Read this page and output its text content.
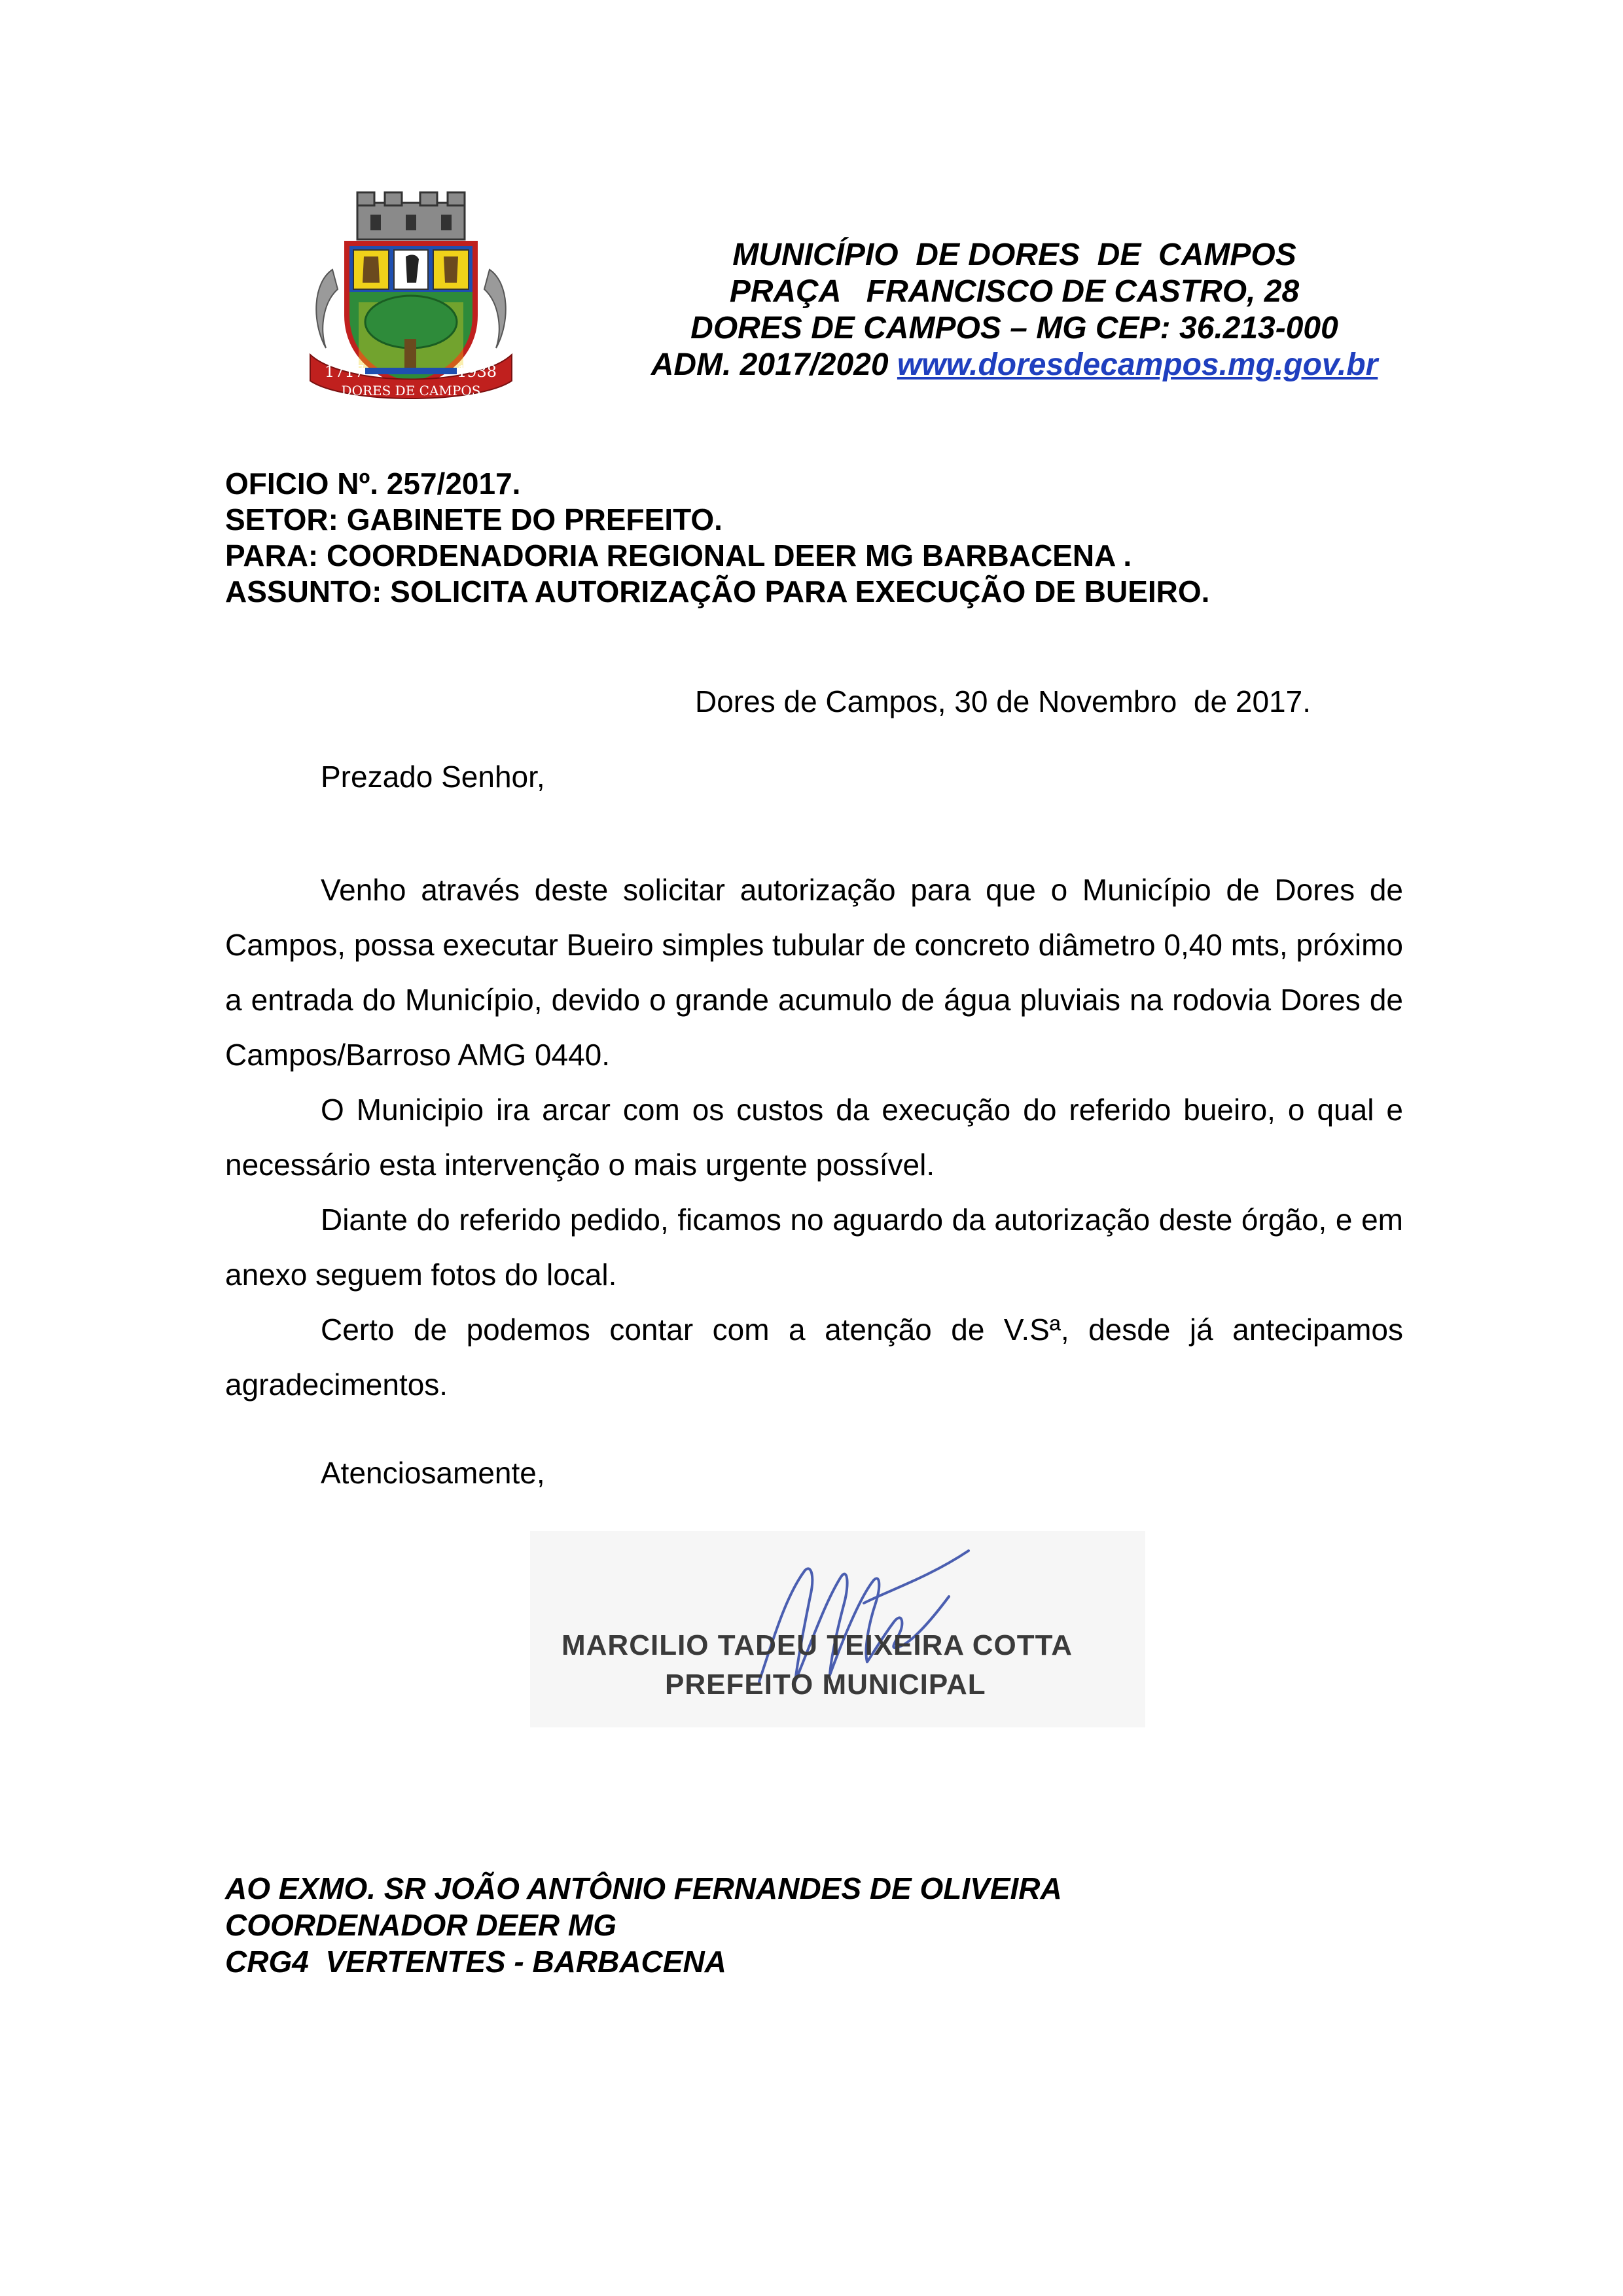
1717	1938
DORES DE CAMPOS
MUNICÍPIO  DE DORES  DE  CAMPOS
PRAÇA   FRANCISCO DE CASTRO, 28
DORES DE CAMPOS – MG CEP: 36.213-000
ADM. 2017/2020 www.doresdecampos.mg.gov.br
OFICIO Nº. 257/2017.
SETOR: GABINETE DO PREFEITO.
PARA: COORDENADORIA REGIONAL DEER MG BARBACENA .
ASSUNTO: SOLICITA AUTORIZAÇÃO PARA EXECUÇÃO DE BUEIRO.
Dores de Campos, 30 de Novembro  de 2017.
Prezado Senhor,

Venho através deste solicitar autorização para que o Município de Dores de Campos, possa executar Bueiro simples tubular de concreto diâmetro 0,40 mts, próximo a entrada do Município, devido o grande acumulo de água pluviais na rodovia Dores de Campos/Barroso AMG 0440.

O Municipio ira arcar com os custos da execução do referido bueiro, o qual e necessário esta intervenção o mais urgente possível.

Diante do referido pedido, ficamos no aguardo da autorização deste órgão, e em anexo seguem fotos do local.

Certo de podemos contar com a atenção de V.Sª, desde já antecipamos agradecimentos.

Atenciosamente,
MARCILIO TADEU TEIXEIRA COTTA
PREFEITO MUNICIPAL
AO EXMO. SR JOÃO ANTÔNIO FERNANDES DE OLIVEIRA
COORDENADOR DEER MG
CRG4  VERTENTES - BARBACENA
